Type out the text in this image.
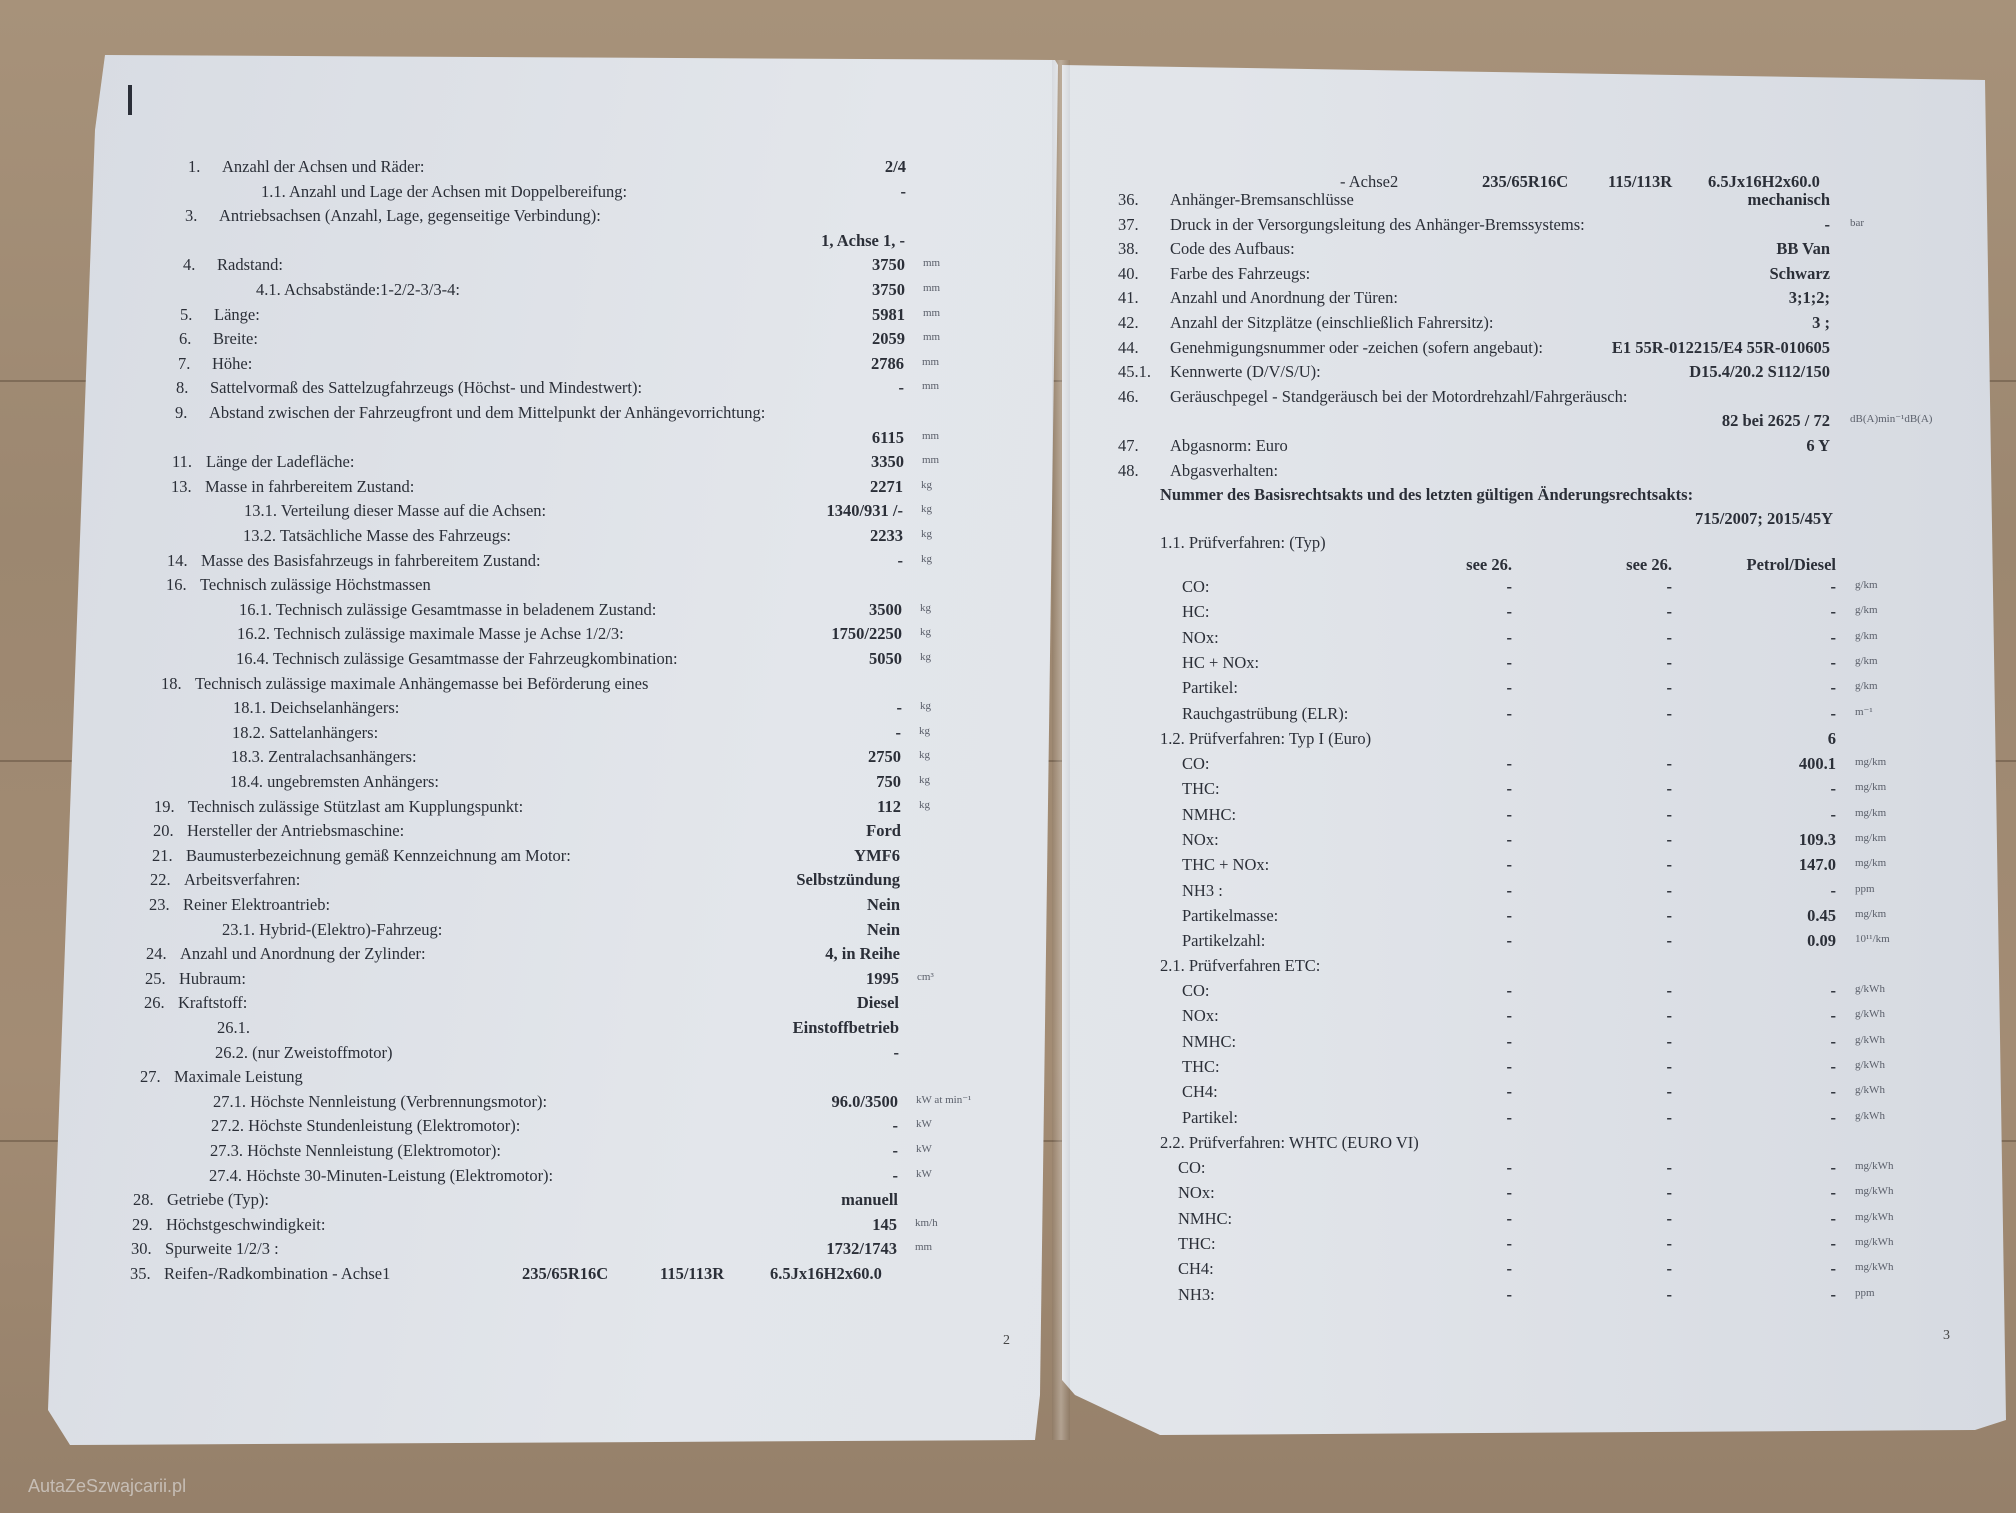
1. Anzahl der Achsen und Räder:	2/4
1.1. Anzahl und Lage der Achsen mit Doppelbereifung:	-
3. Antriebsachsen (Anzahl, Lage, gegenseitige Verbindung):
1, Achse 1, -
4. Radstand:	3750 mm
4.1. Achsabstände:1-2/2-3/3-4:	3750 mm
5. Länge:	5981 mm
6. Breite:	2059 mm
7. Höhe:	2786 mm
8. Sattelvormaß des Sattelzugfahrzeugs (Höchst- und Mindestwert):	- mm
9. Abstand zwischen der Fahrzeugfront und dem Mittelpunkt der Anhängevorrichtung:
6115 mm
11. Länge der Ladefläche:	3350 mm
13. Masse in fahrbereitem Zustand:	2271 kg
13.1. Verteilung dieser Masse auf die Achsen:	1340/931 /- kg
13.2. Tatsächliche Masse des Fahrzeugs:	2233 kg
14. Masse des Basisfahrzeugs in fahrbereitem Zustand:	- kg
16. Technisch zulässige Höchstmassen
16.1. Technisch zulässige Gesamtmasse in beladenem Zustand:	3500 kg
16.2. Technisch zulässige maximale Masse je Achse 1/2/3:	1750/2250 kg
16.4. Technisch zulässige Gesamtmasse der Fahrzeugkombination:	5050 kg
18. Technisch zulässige maximale Anhängemasse bei Beförderung eines
18.1. Deichselanhängers:	- kg
18.2. Sattelanhängers:	- kg
18.3. Zentralachsanhängers:	2750 kg
18.4. ungebremsten Anhängers:	750 kg
19. Technisch zulässige Stützlast am Kupplungspunkt:	112 kg
20. Hersteller der Antriebsmaschine:	Ford
21. Baumusterbezeichnung gemäß Kennzeichnung am Motor:	YMF6
22. Arbeitsverfahren:	Selbstzündung
23. Reiner Elektroantrieb:	Nein
23.1. Hybrid-(Elektro)-Fahrzeug:	Nein
24. Anzahl und Anordnung der Zylinder:	4, in Reihe
25. Hubraum:	1995 cm³
26. Kraftstoff:	Diesel
26.1.	Einstoffbetrieb
26.2. (nur Zweistoffmotor)	-
27. Maximale Leistung
27.1. Höchste Nennleistung (Verbrennungsmotor):	96.0/3500 kW at min⁻¹
27.2. Höchste Stundenleistung (Elektromotor):	- kW
27.3. Höchste Nennleistung (Elektromotor):	- kW
27.4. Höchste 30-Minuten-Leistung (Elektromotor):	- kW
28. Getriebe (Typ):	manuell
29. Höchstgeschwindigkeit:	145 km/h
30. Spurweite 1/2/3 :	1732/1743 mm
35. Reifen-/Radkombination - Achse1	235/65R16C	115/113R	6.5Jx16H2x60.0
- Achse2	235/65R16C 115/113R 6.5Jx16H2x60.0
36. Anhänger-Bremsanschlüsse	mechanisch
37. Druck in der Versorgungsleitung des Anhänger-Bremssystems:	- bar
38. Code des Aufbaus:	BB Van
40. Farbe des Fahrzeugs:	Schwarz
41. Anzahl und Anordnung der Türen:	3;1;2;
42. Anzahl der Sitzplätze (einschließlich Fahrersitz):	3 ;
44. Genehmigungsnummer oder -zeichen (sofern angebaut):	E1 55R-012215/E4 55R-010605
45.1. Kennwerte (D/V/S/U):	D15.4/20.2 S112/150
46. Geräuschpegel - Standgeräusch bei der Motordrehzahl/Fahrgeräusch:
82 bei 2625 / 72 dB(A)min⁻¹dB(A)
47. Abgasnorm: Euro	6 Y
48. Abgasverhalten:
Nummer des Basisrechtsakts und des letzten gültigen Änderungsrechtsakts:
715/2007; 2015/45Y
1.1. Prüfverfahren: (Typ)
see 26.	see 26.	Petrol/Diesel
CO:	-	-	- g/km
HC:	-	-	- g/km
NOx:	-	-	- g/km
HC + NOx:	-	-	- g/km
Partikel:	-	-	- g/km
Rauchgastrübung (ELR):	-	-	- m⁻¹
1.2. Prüfverfahren: Typ I (Euro)	6
CO:	-	-	400.1 mg/km
THC:	-	-	- mg/km
NMHC:	-	-	- mg/km
NOx:	-	-	109.3 mg/km
THC + NOx:	-	-	147.0 mg/km
NH3 :	-	-	- ppm
Partikelmasse:	-	-	0.45 mg/km
Partikelzahl:	-	-	0.09 10¹¹/km
2.1. Prüfverfahren ETC:
CO:	-	-	- g/kWh
NOx:	-	-	- g/kWh
NMHC:	-	-	- g/kWh
THC:	-	-	- g/kWh
CH4:	-	-	- g/kWh
Partikel:	-	-	- g/kWh
2.2. Prüfverfahren: WHTC (EURO VI)
CO:	-	-	- mg/kWh
NOx:	-	-	- mg/kWh
NMHC:	-	-	- mg/kWh
THC:	-	-	- mg/kWh
CH4:	-	-	- mg/kWh
NH3:	-	-	- ppm
2	3
AutaZeSzwajcarii.pl
